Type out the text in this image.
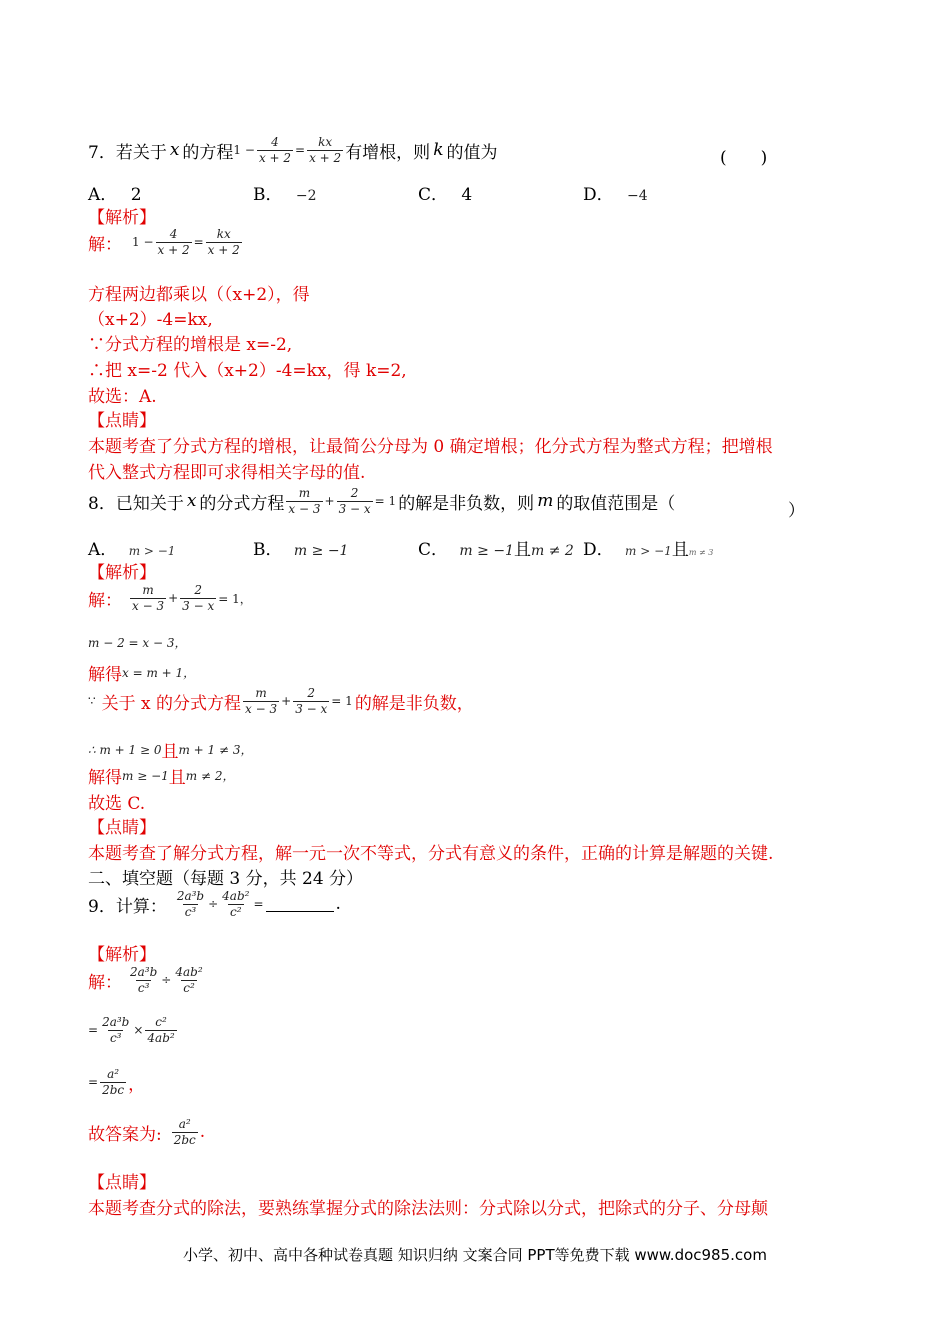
7． 若关于 x 的方程 $1 - \frac{4}{x + 2} = \frac{kx}{x + 2}$ 有增根，则 k 的值为	(　　)
A． 2	B． −2	C． 4	D． −4
【解析】
解： $1 - \frac{4}{x + 2} = \frac{kx}{x + 2}$
方程两边都乘以（（x+2），得
（x+2）-4=kx,
∵分式方程的增根是 x=-2,
∴把 x=-2 代入（x+2）-4=kx，得 k=2,
故选：A.
【点睛】
本题考查了分式方程的增根，让最简公分母为 0 确定增根；化分式方程为整式方程；把增根
代入整式方程即可求得相关字母的值.
8． 已知关于 x 的分式方程 $\frac{m}{x - 3} + \frac{2}{3 - x} = 1$ 的解是非负数，则 m 的取值范围是（	）
A． m > −1	B． m ≥ −1	C． m ≥ −1且m ≠ 2 D． m > −1且m ≠ 3
【解析】
解： $\frac{m}{x - 3} + \frac{2}{3 - x} = 1$，
m − 2 = x − 3，
解得 x = m + 1，
∵ 关于 x 的分式方程 $\frac{m}{x - 3} + \frac{2}{3 - x} = 1$ 的解是非负数，
∴ m + 1 ≥ 0 且 m + 1 ≠ 3，
解得 m ≥ −1 且 m ≠ 2，
故选 C.
【点睛】
本题考查了解分式方程，解一元一次不等式，分式有意义的条件，正确的计算是解题的关键.
二、填空题（每题 3 分，共 24 分）
9． 计算： $\frac{\text{2a³b}}{\text{c³}} \div \frac{\text{4ab²}}{\text{c²}}$ =	.
【解析】
解： $\frac{\text{2a³b}}{\text{c³}} \div \frac{\text{4ab²}}{\text{c²}}$
= $\frac{\text{2a³b}}{\text{c³}} \times \frac{\text{c²}}{\text{4ab²}}$
= $\frac{\text{a²}}{2bc}$ ，
故答案为: $\frac{\text{a²}}{2bc}$ .
【点睛】
本题考查分式的除法，要熟练掌握分式的除法法则：分式除以分式，把除式的分子、分母颠
小学、初中、高中各种试卷真题 知识归纳 文案合同 PPT等免费下载 www.doc985.com
